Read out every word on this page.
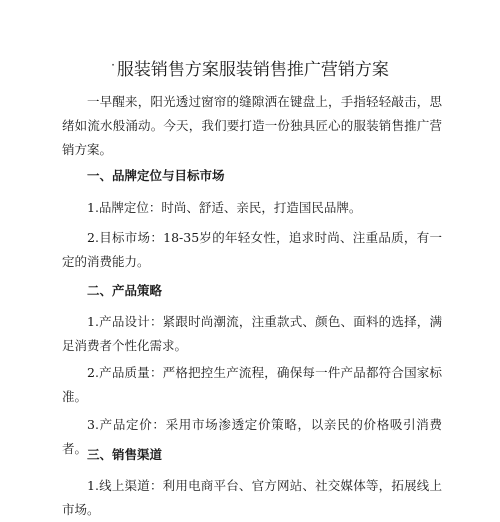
· 服装销售方案服装销售推广营销方案

一早醒来，阳光透过窗帘的缝隙洒在键盘上，手指轻轻敲击，思绪如流水般涌动。今天，我们要打造一份独具匠心的服装销售推广营销方案。

一、品牌定位与目标市场

1.品牌定位：时尚、舒适、亲民，打造国民品牌。

2.目标市场：18-35岁的年轻女性，追求时尚、注重品质，有一定的消费能力。

二、产品策略

1.产品设计：紧跟时尚潮流，注重款式、颜色、面料的选择，满足消费者个性化需求。

2.产品质量：严格把控生产流程，确保每一件产品都符合国家标准。

3.产品定价：采用市场渗透定价策略，以亲民的价格吸引消费者。 三、销售渠道

1.线上渠道：利用电商平台、官方网站、社交媒体等，拓展线上市场。
